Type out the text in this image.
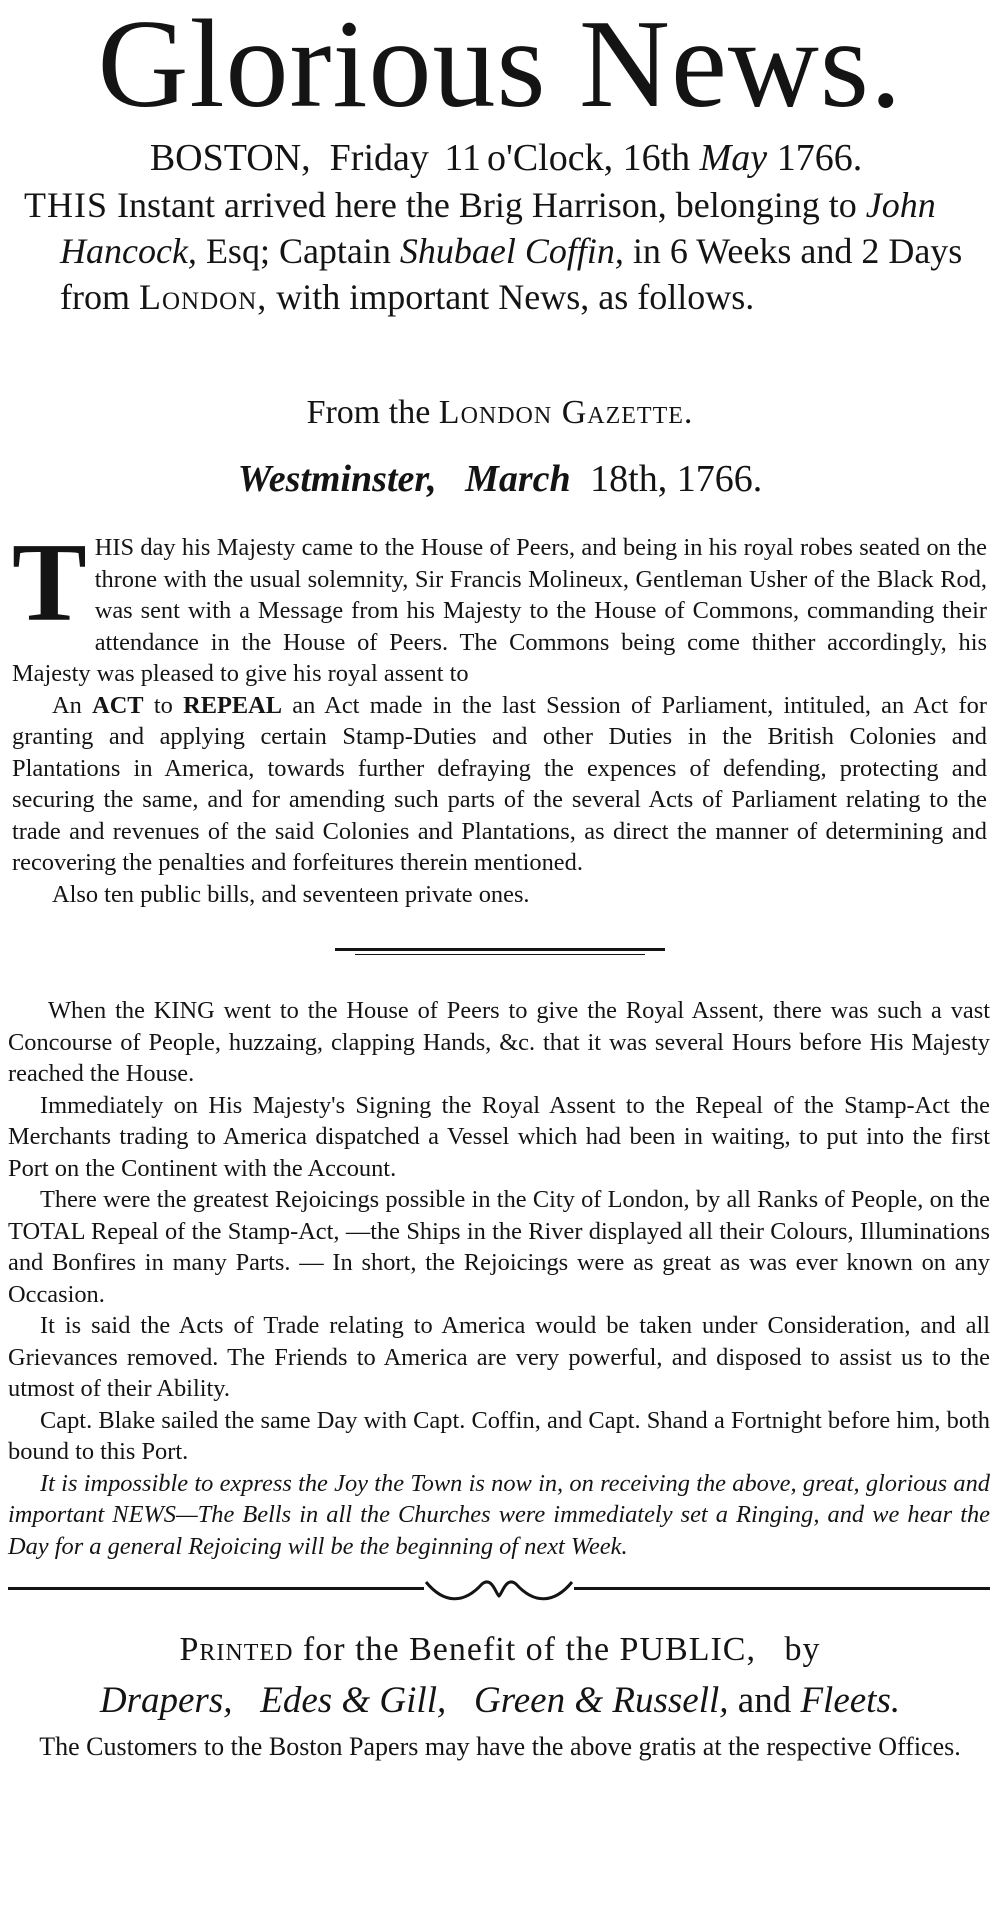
Glorious News.
BOSTON, Friday 11 o'Clock, 16th May 1766.
THIS Instant arrived here the Brig Harrison, belonging to John Hancock, Esq; Captain Shubael Coffin, in 6 Weeks and 2 Days from London, with important News, as follows.
From the London Gazette.
Westminster, March 18th, 1766.

THIS day his Majesty came to the House of Peers, and being in his royal robes seated on the throne with the usual solemnity, Sir Francis Molineux, Gentleman Usher of the Black Rod, was sent with a Message from his Majesty to the House of Commons, commanding their attendance in the House of Peers. The Commons being come thither accordingly, his Majesty was pleased to give his royal assent to

An ACT to REPEAL an Act made in the last Session of Parliament, intituled, an Act for granting and applying certain Stamp-Duties and other Duties in the British Colonies and Plantations in America, towards further defraying the expences of defending, protecting and securing the same, and for amending such parts of the several Acts of Parliament relating to the trade and revenues of the said Colonies and Plantations, as direct the manner of determining and recovering the penalties and forfeitures therein mentioned.

Also ten public bills, and seventeen private ones.

When the KING went to the House of Peers to give the Royal Assent, there was such a vast Concourse of People, huzzaing, clapping Hands, &c. that it was several Hours before His Majesty reached the House.

Immediately on His Majesty's Signing the Royal Assent to the Repeal of the Stamp-Act the Merchants trading to America dispatched a Vessel which had been in waiting, to put into the first Port on the Continent with the Account.

There were the greatest Rejoicings possible in the City of London, by all Ranks of People, on the TOTAL Repeal of the Stamp-Act, —the Ships in the River displayed all their Colours, Illuminations and Bonfires in many Parts. — In short, the Rejoicings were as great as was ever known on any Occasion.

It is said the Acts of Trade relating to America would be taken under Consideration, and all Grievances removed. The Friends to America are very powerful, and disposed to assist us to the utmost of their Ability.

Capt. Blake sailed the same Day with Capt. Coffin, and Capt. Shand a Fortnight before him, both bound to this Port.

It is impossible to express the Joy the Town is now in, on receiving the above, great, glorious and important NEWS—The Bells in all the Churches were immediately set a Ringing, and we hear the Day for a general Rejoicing will be the beginning of next Week.

Printed for the Benefit of the PUBLIC, by
Drapers, Edes & Gill, Green & Russell, and Fleets.
The Customers to the Boston Papers may have the above gratis at the respective Offices.
